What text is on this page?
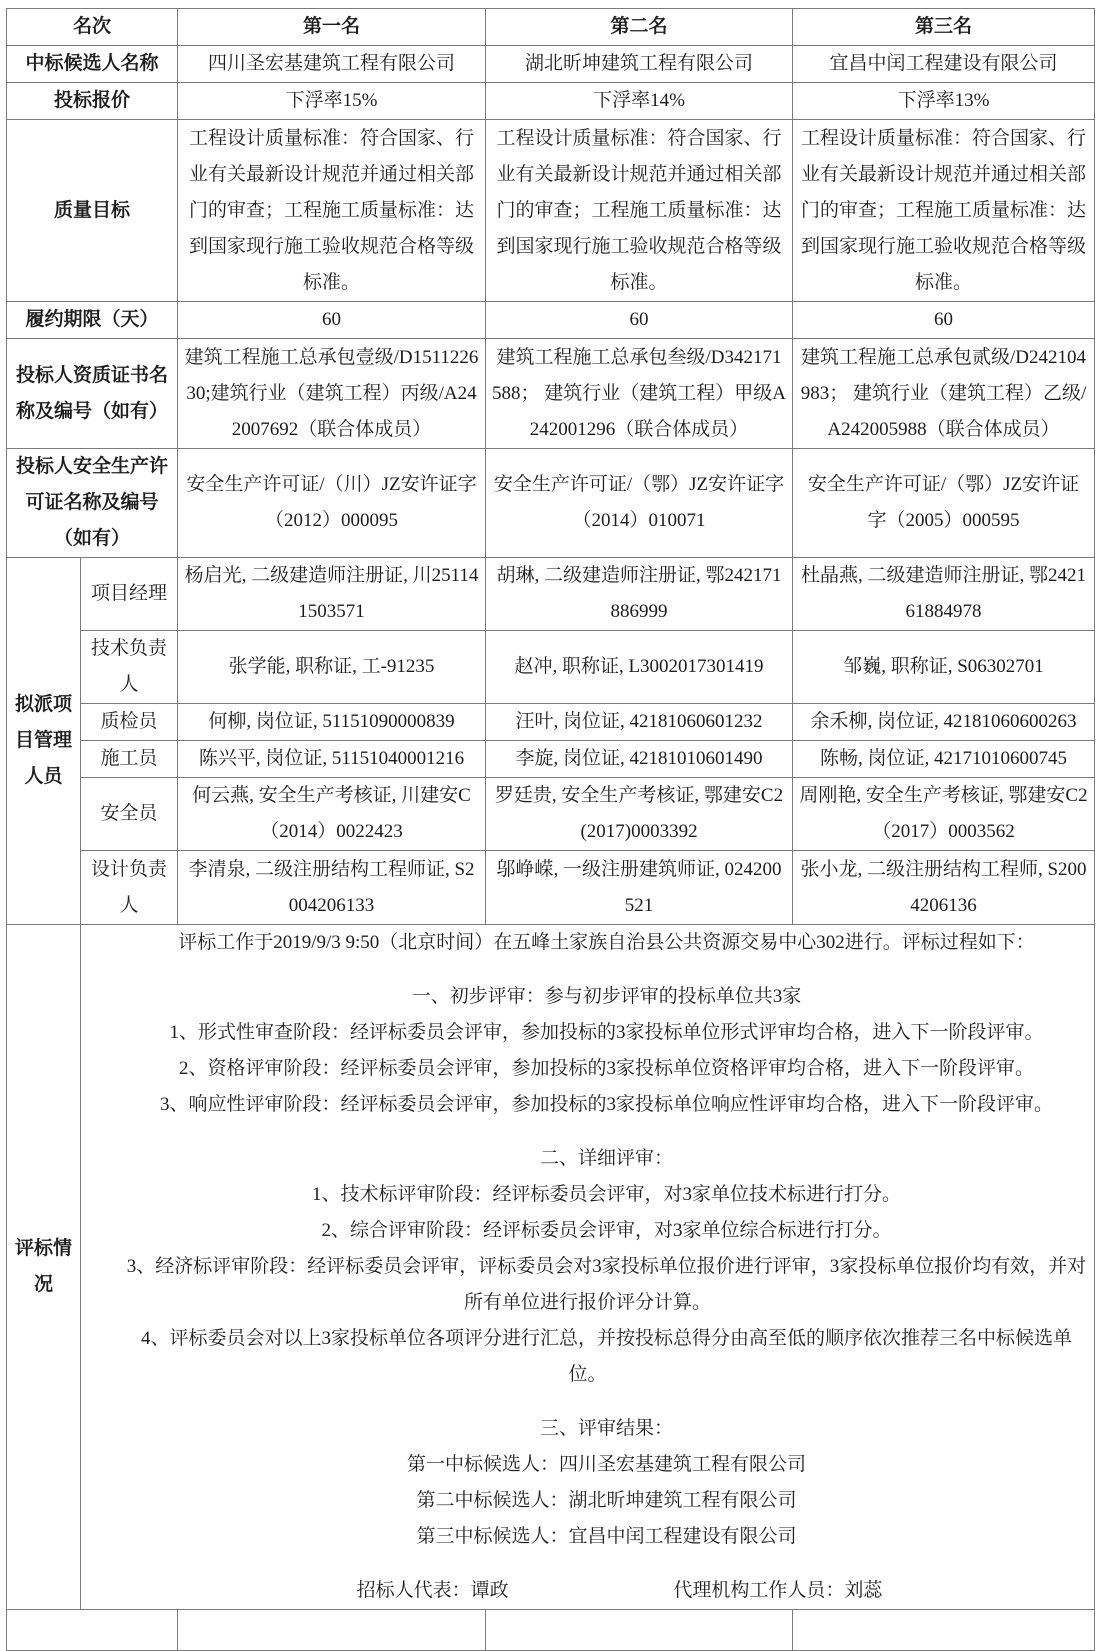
名次		第一名	第二名	第三名
中标候选人名称		四川圣宏基建筑工程有限公司	湖北昕坤建筑工程有限公司	宜昌中闰工程建设有限公司
投标报价		下浮率15%	下浮率14%	下浮率13%
质量目标		工程设计质量标准：符合国家、行业有关最新设计规范并通过相关部门的审查；工程施工质量标准：达到国家现行施工验收规范合格等级标准。	工程设计质量标准：符合国家、行业有关最新设计规范并通过相关部门的审查；工程施工质量标准：达到国家现行施工验收规范合格等级标准。	工程设计质量标准：符合国家、行业有关最新设计规范并通过相关部门的审查；工程施工质量标准：达到国家现行施工验收规范合格等级标准。
履约期限（天）		60	60	60
投标人资质证书名称及编号（如有）		建筑工程施工总承包壹级/D151122630;建筑行业（建筑工程）丙级/A242007692（联合体成员）	建筑工程施工总承包叁级/D342171588； 建筑行业（建筑工程）甲级A242001296（联合体成员）	建筑工程施工总承包贰级/D242104983； 建筑行业（建筑工程）乙级/A242005988（联合体成员）
投标人安全生产许可证名称及编号（如有）		安全生产许可证/（川）JZ安许证字（2012）000095	安全生产许可证/（鄂）JZ安许证字（2014）010071	安全生产许可证/（鄂）JZ安许证字（2005）000595
拟派项目管理人员	项目经理	杨启光, 二级建造师注册证, 川251141503571	胡琳, 二级建造师注册证, 鄂242171886999	杜晶燕, 二级建造师注册证, 鄂242161884978
	技术负责人	张学能, 职称证, 工-91235	赵冲, 职称证, L3002017301419	邹巍, 职称证, S06302701
	质检员	何柳, 岗位证, 51151090000839	汪叶, 岗位证, 42181060601232	余禾柳, 岗位证, 42181060600263
	施工员	陈兴平, 岗位证, 51151040001216	李旋, 岗位证, 42181010601490	陈畅, 岗位证, 42171010600745
	安全员	何云燕, 安全生产考核证, 川建安C（2014）0022423	罗廷贵, 安全生产考核证, 鄂建安C2(2017)0003392	周刚艳, 安全生产考核证, 鄂建安C2（2017）0003562
	设计负责人	李清泉, 二级注册结构工程师证, S2004206133	邬峥嵘, 一级注册建筑师证, 024200521	张小龙, 二级注册结构工程师, S2004206136
评标情况	
评标工作于2019/9/3 9:50（北京时间）在五峰土家族自治县公共资源交易中心302进行。评标过程如下：
一、初步评审：参与初步评审的投标单位共3家
1、形式性审查阶段：经评标委员会评审，参加投标的3家投标单位形式评审均合格，进入下一阶段评审。
2、资格评审阶段：经评标委员会评审，参加投标的3家投标单位资格评审均合格，进入下一阶段评审。
3、响应性评审阶段：经评标委员会评审，参加投标的3家投标单位响应性评审均合格，进入下一阶段评审。
二、详细评审：
1、技术标评审阶段：经评标委员会评审，对3家单位技术标进行打分。
2、综合评审阶段：经评标委员会评审，对3家单位综合标进行打分。
3、经济标评审阶段：经评标委员会评审，评标委员会对3家投标单位报价进行评审，3家投标单位报价均有效，并对所有单位进行报价评分计算。
4、评标委员会对以上3家投标单位各项评分进行汇总，并按投标总得分由高至低的顺序依次推荐三名中标候选单位。
三、评审结果：
第一中标候选人：四川圣宏基建筑工程有限公司
第二中标候选人：湖北昕坤建筑工程有限公司
第三中标候选人：宜昌中闰工程建设有限公司
招标人代表：谭政	代理机构工作人员：刘蕊
